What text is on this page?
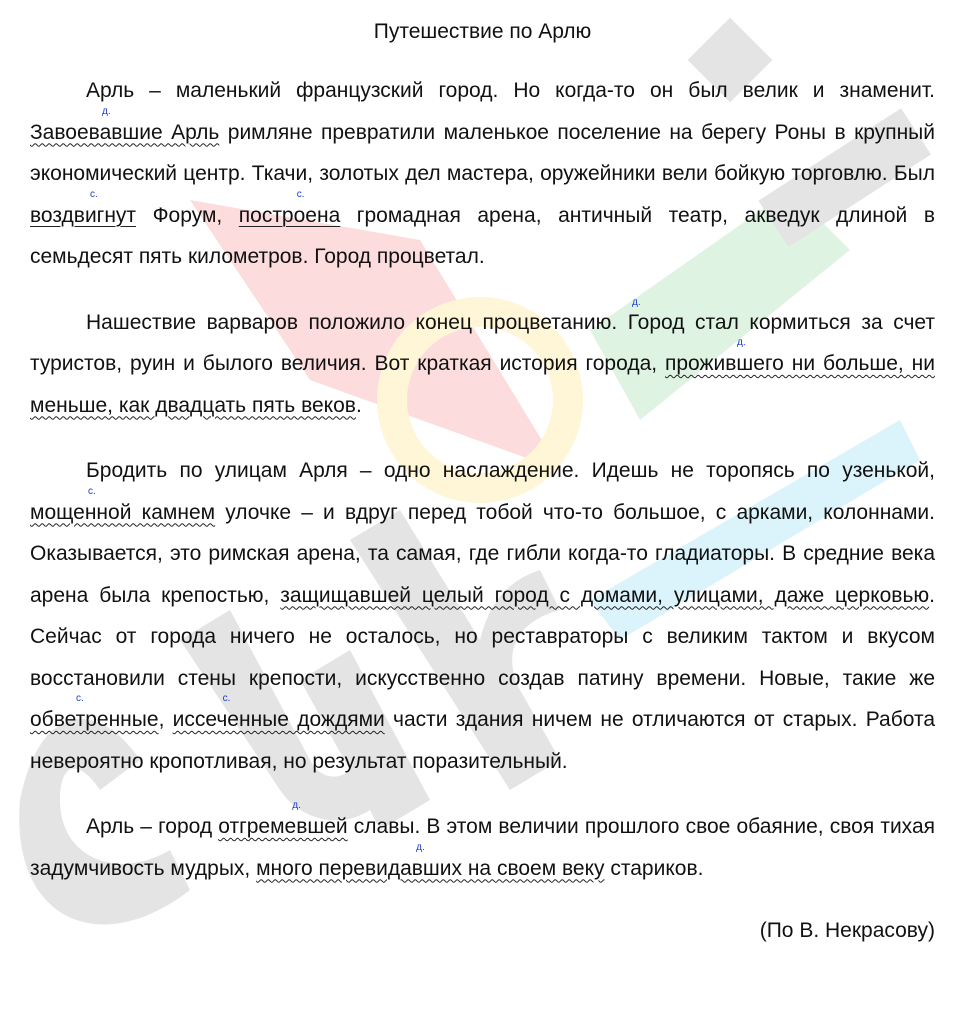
Путешествие по Арлю

Арль – маленький французский город. Но когда-то он был велик и знаменит. Завоевавшие Арль
д.
римляне превратили маленькое поселение на берегу Роны в крупный экономический центр. Ткачи, золотых дел мастера, оружейники вели бойкую торговлю. Был воздвигнут
с.
Форум, построена
с.
громадная арена, античный театр, акведук длиной в семьдесят пять километров. Город процветал.

Нашествие варваров положило конец процветанию. Город стал кормиться за счет туристов, руин и былого величия. Вот краткая история города, прожившего ни больше, ни меньше, как двадцать пять веков
д.
д.
.

Бродить по улицам Арля – одно наслаждение. Идешь не торопясь по узенькой, мощенной камнем
с.
улочке – и вдруг перед тобой что-то большое, с арками, колоннами. Оказывается, это римская арена, та самая, где гибли когда-то гладиаторы. В средние века арена была крепостью, защищавшей целый город с домами, улицами, даже церковью. Сейчас от города ничего не осталось, но реставраторы с великим тактом и вкусом восстановили стены крепости, искусственно создав патину времени. Новые, такие же обветренные
с.
, иссеченные дождями
с.
части здания ничем не отличаются от старых. Работа невероятно кропотливая, но результат поразительный.

Арль – город отгремевшей
д.
славы. В этом величии прошлого свое обаяние, своя тихая задумчивость мудрых, много перевидавших на своем веку
д.
стариков.

(По В. Некрасову)
